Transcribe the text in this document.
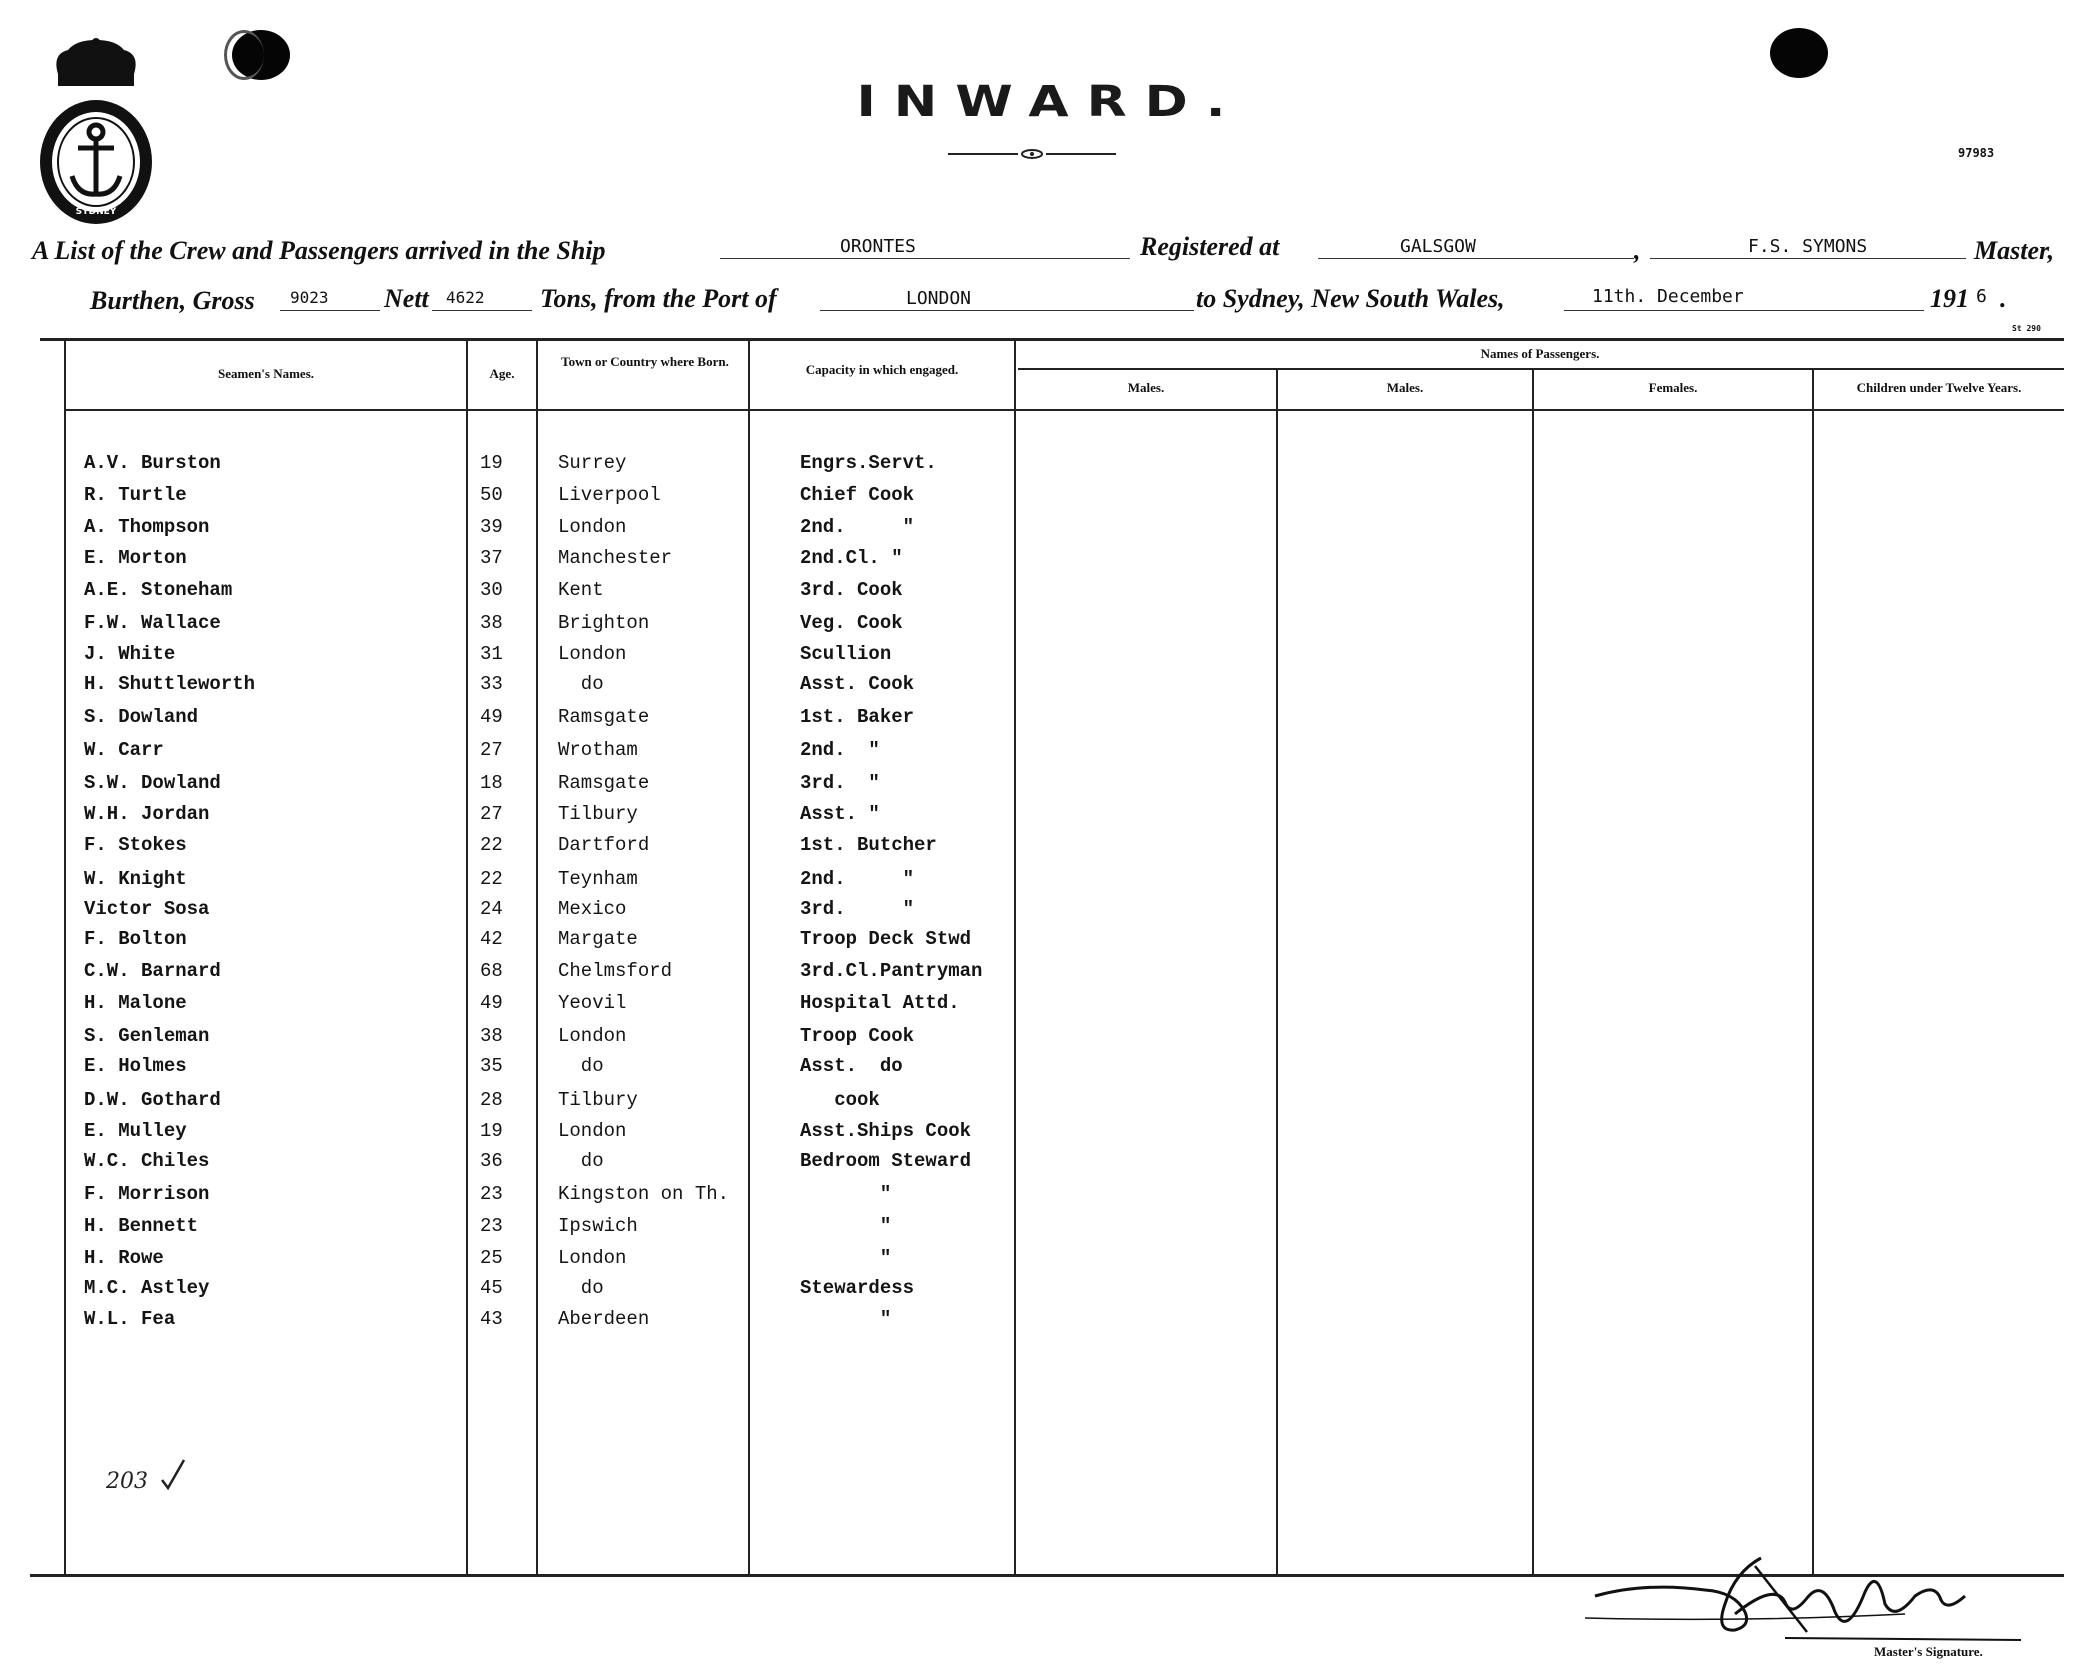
SYDNEY
INWARD.
97983
A List of the Crew and Passengers arrived in the Ship	ORONTES	Registered at	GALSGOW	,	F.S. SYMONS	Master,
Burthen, Gross 9023 Nett 4622 Tons, from the Port of	LONDON	to Sydney, New South Wales,	11th. December	191 6 .
St 290
Seamen's Names.	Age.
Town or Country where Born.
Capacity in which engaged.
Names of Passengers.
Males.	Males.	Females.	Children under Twelve Years.
A.V. Burston	19	Surrey	Engrs.Servt.
R. Turtle	50	Liverpool	Chief Cook
A. Thompson	39	London	2nd.     "
E. Morton	37	Manchester	2nd.Cl. "
A.E. Stoneham	30	Kent	3rd. Cook
F.W. Wallace	38	Brighton	Veg. Cook
J. White	31	London	Scullion
H. Shuttleworth	33	do	Asst. Cook
S. Dowland	49	Ramsgate	1st. Baker
W. Carr	27	Wrotham	2nd.  "
S.W. Dowland	18	Ramsgate	3rd.  "
W.H. Jordan	27	Tilbury	Asst. "
F. Stokes	22	Dartford	1st. Butcher
W. Knight	22	Teynham	2nd.     "
Victor Sosa	24	Mexico	3rd.     "
F. Bolton	42	Margate	Troop Deck Stwd
C.W. Barnard	68	Chelmsford	3rd.Cl.Pantryman
H. Malone	49	Yeovil	Hospital Attd.
S. Genleman	38	London	Troop Cook
E. Holmes	35	do	Asst.  do
D.W. Gothard	28	Tilbury	cook
E. Mulley	19	London	Asst.Ships Cook
W.C. Chiles	36	do	Bedroom Steward
F. Morrison	23	Kingston on Th.	"
H. Bennett	23	Ipswich	"
H. Rowe	25	London	"
M.C. Astley	45	do	Stewardess
W.L. Fea	43	Aberdeen	"
203
Master's Signature.
